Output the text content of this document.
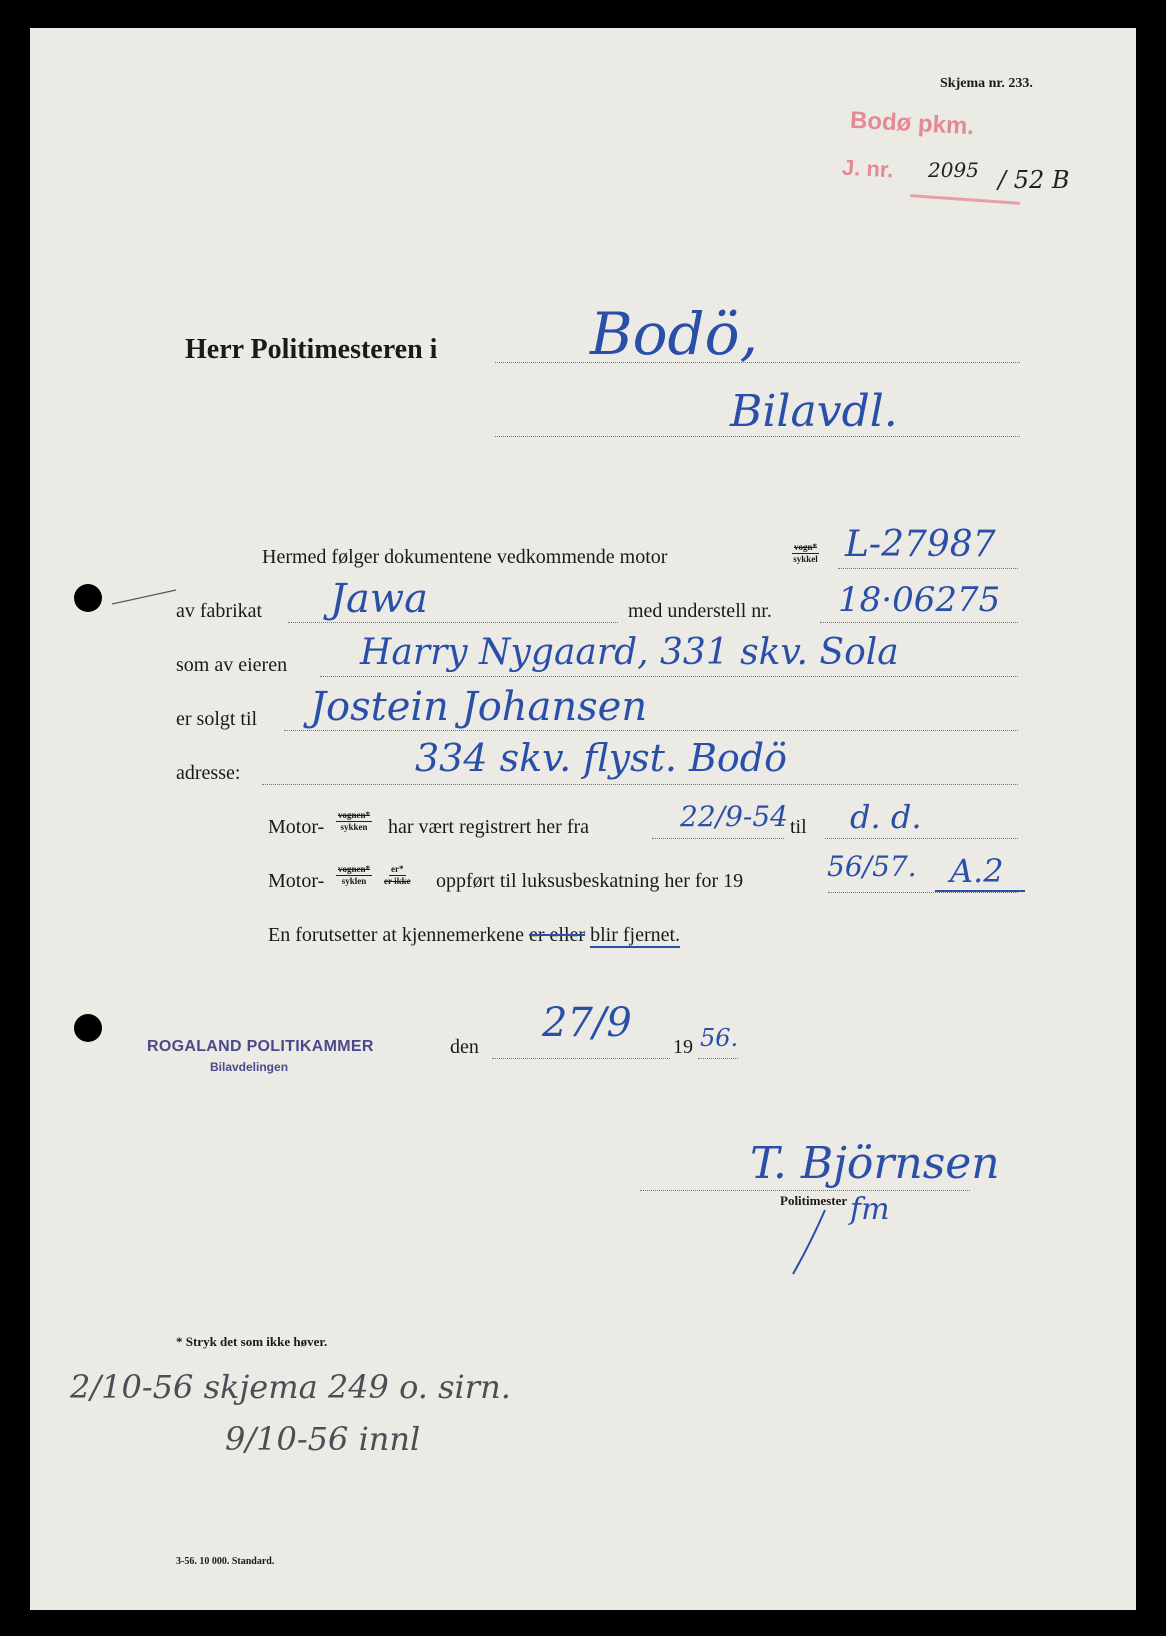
Skjema nr. 233.
Bodø pkm.
J. nr. 2095 / 52 B
Herr Politimesteren i	Bodö,
Bilavdl.
Hermed følger dokumentene vedkommende motor	vogn*
sykkel L-27987
av fabrikat Jawa	med understell nr. 18·06275
som av eieren Harry Nygaard, 331 skv. Sola
er solgt til Jostein Johansen
adresse:	334 skv. flyst. Bodö
Motor-
vognen*
sykken har vært registrert her fra	22/9-54 til d. d.
Motor-
vognen*
syklen
er*
er ikke oppført til luksusbeskatning her for 19	56/57. A.2
En forutsetter at kjennemerkene er eller blir fjernet.
ROGALAND POLITIKAMMER
Bilavdelingen
den
27/9
19 56.
T. Björnsen
Politimester fm
* Stryk det som ikke høver.
2/10-56 skjema 249 o. sirn.
9/10-56 innl
3-56. 10 000. Standard.
